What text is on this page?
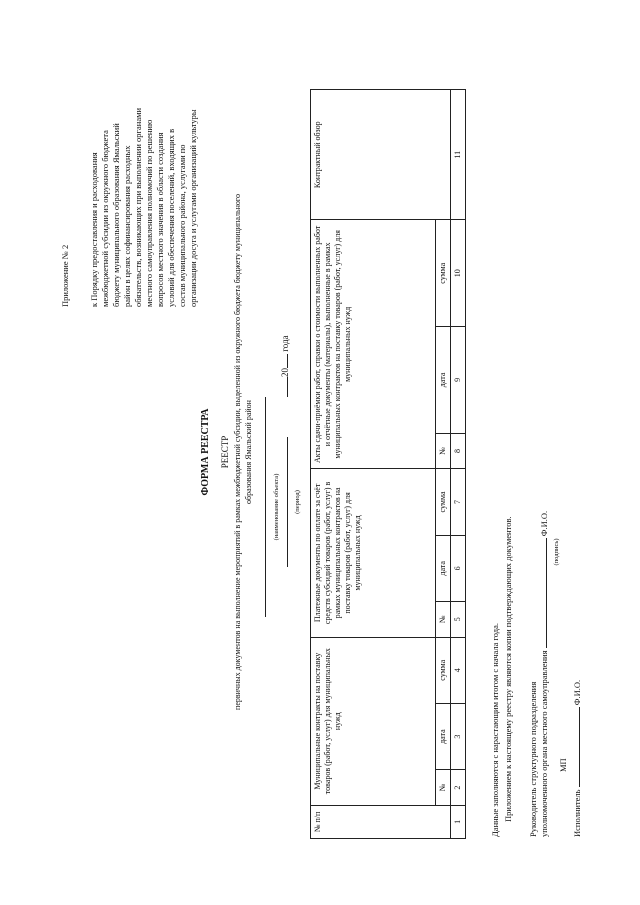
Приложение № 2 к Порядку предоставления и расходования межбюджетной субсидии из окружного бюджета бюджету муниципального образования Ямальский район в целях софинансирования расходных обязательств, возникающих при выполнении органами местного самоуправления полномочий по решению вопросов местного значения в области создания условий для обеспечения поселений, входящих в состав муниципального района, услугами по организации досуга и услугами организаций культуры
ФОРМА РЕЕСТРА РЕЕСТР первичных документов на выполнение мероприятий в рамках межбюджетной субсидии, выделенной из окружного бюджета бюджету муниципального образования Ямальский район
(наименование объекта)	(период)
20 года
№ п/п	Муниципальные контракты на поставку товаров (работ, услуг) для муниципальных нужд			Платежные документы по оплате за счёт средств субсидий товаров (работ, услуг) в рамках муниципальных контрактов на поставку товаров (работ, услуг) для муниципальных нужд			Акты сдачи-приёмки работ, справки о стоимости выполненных работ и отчётные документы (материалы), выполненные в рамках муниципальных контрактов на поставку товаров (работ, услуг) для муниципальных нужд			Контрактный обзор
	№	дата	сумма	№	дата	сумма	№	дата	сумма	
1	2	3	4	5	6	7	8	9	10	11
Данные заполняются с нарастающим итогом с начала года. Приложением к настоящему реестру являются копии подтверждающих документов. Руководитель структурного подразделения уполномоченного органа местного самоуправления  Ф.И.О.
(подпись)
МП
Исполнитель  Ф.И.О.
